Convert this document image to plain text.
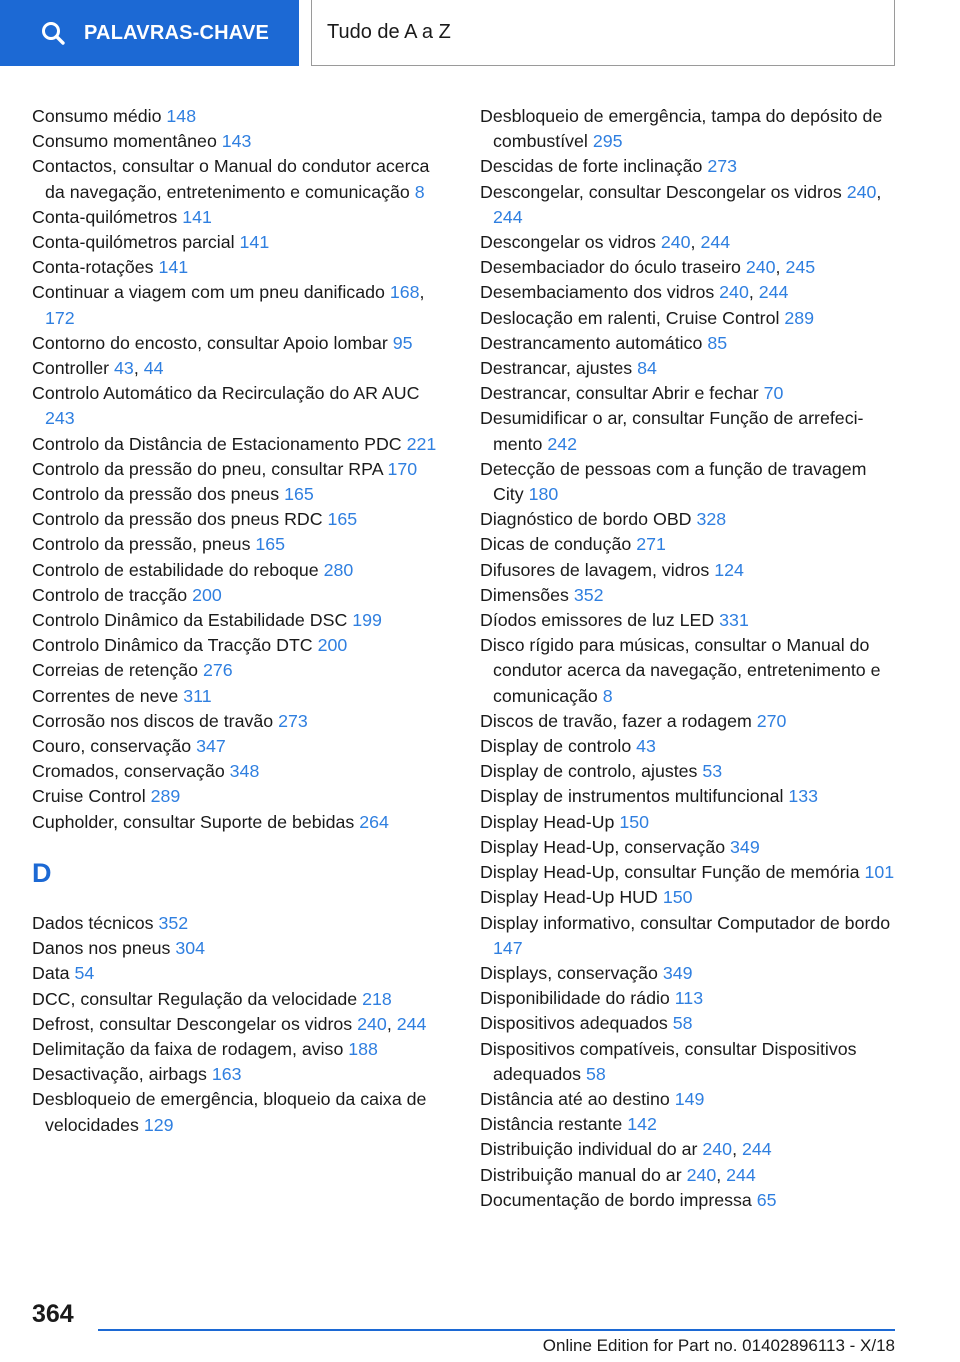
PALAVRAS-CHAVE	Tudo de A a Z
Consumo médio 148
Consumo momentâneo 143
Contactos, consultar o Manual do condutor acerca da navegação, entretenimento e comunicação 8
Conta-quilómetros 141
Conta-quilómetros parcial 141
Conta-rotações 141
Continuar a viagem com um pneu danificado 168, 172
Contorno do encosto, consultar Apoio lombar 95
Controller 43, 44
Controlo Automático da Recirculação do AR AUC 243
Controlo da Distância de Estacionamento PDC 221
Controlo da pressão do pneu, consultar RPA 170
Controlo da pressão dos pneus 165
Controlo da pressão dos pneus RDC 165
Controlo da pressão, pneus 165
Controlo de estabilidade do reboque 280
Controlo de tracção 200
Controlo Dinâmico da Estabilidade DSC 199
Controlo Dinâmico da Tracção DTC 200
Correias de retenção 276
Correntes de neve 311
Corrosão nos discos de travão 273
Couro, conservação 347
Cromados, conservação 348
Cruise Control 289
Cupholder, consultar Suporte de bebidas 264
D
Dados técnicos 352
Danos nos pneus 304
Data 54
DCC, consultar Regulação da velocidade 218
Defrost, consultar Descongelar os vidros 240, 244
Delimitação da faixa de rodagem, aviso 188
Desactivação, airbags 163
Desbloqueio de emergência, bloqueio da caixa de velocidades 129
Desbloqueio de emergência, tampa do depósito de combustível 295
Descidas de forte inclinação 273
Descongelar, consultar Descongelar os vidros 240, 244
Descongelar os vidros 240, 244
Desembaciador do óculo traseiro 240, 245
Desembaciamento dos vidros 240, 244
Deslocação em ralenti, Cruise Control 289
Destrancamento automático 85
Destrancar, ajustes 84
Destrancar, consultar Abrir e fechar 70
Desumidificar o ar, consultar Função de arrefecimento 242
Detecção de pessoas com a função de travagem City 180
Diagnóstico de bordo OBD 328
Dicas de condução 271
Difusores de lavagem, vidros 124
Dimensões 352
Díodos emissores de luz LED 331
Disco rígido para músicas, consultar o Manual do condutor acerca da navegação, entretenimento e comunicação 8
Discos de travão, fazer a rodagem 270
Display de controlo 43
Display de controlo, ajustes 53
Display de instrumentos multifuncional 133
Display Head-Up 150
Display Head-Up, conservação 349
Display Head-Up, consultar Função de memória 101
Display Head-Up HUD 150
Display informativo, consultar Computador de bordo 147
Displays, conservação 349
Disponibilidade do rádio 113
Dispositivos adequados 58
Dispositivos compatíveis, consultar Dispositivos adequados 58
Distância até ao destino 149
Distância restante 142
Distribuição individual do ar 240, 244
Distribuição manual do ar 240, 244
Documentação de bordo impressa 65
364
Online Edition for Part no. 01402896113 - X/18
